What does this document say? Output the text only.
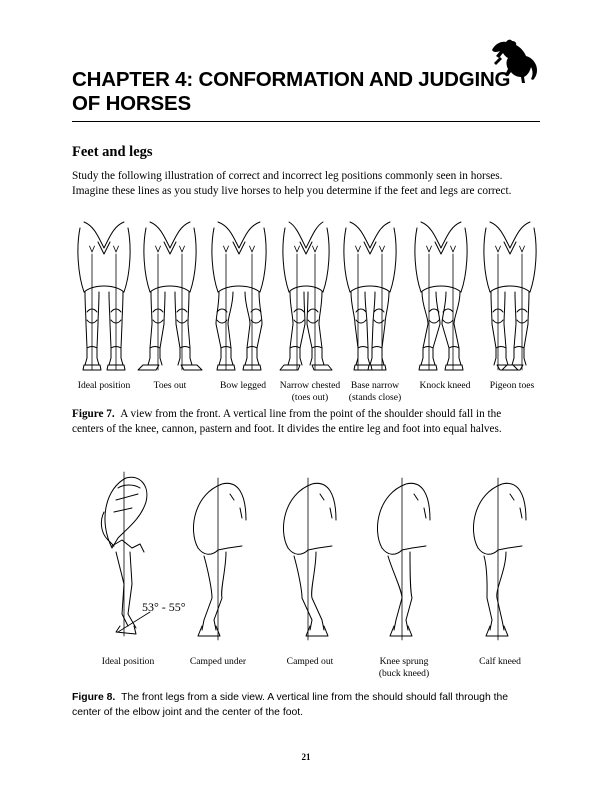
CHAPTER 4: CONFORMATION AND JUDGING OF HORSES
Feet and legs
Study the following illustration of correct and incorrect leg positions commonly seen in horses.
Imagine these lines as you study live horses to help you determine if the feet and legs are correct.
Ideal position	Toes out	Bow legged	Narrow chested
(toes out)
Base narrow
(stands close)
Knock kneed	Pigeon toes
Figure 7. A view from the front. A vertical line from the point of the shoulder should fall in the
centers of the knee, cannon, pastern and foot. It divides the entire leg and foot into equal halves.
53° - 55°
Ideal position	Camped under	Camped out	Knee sprung
(buck kneed)
Calf kneed
Figure 8. The front legs from a side view. A vertical line from the should should fall through the
center of the elbow joint and the center of the foot.
21
